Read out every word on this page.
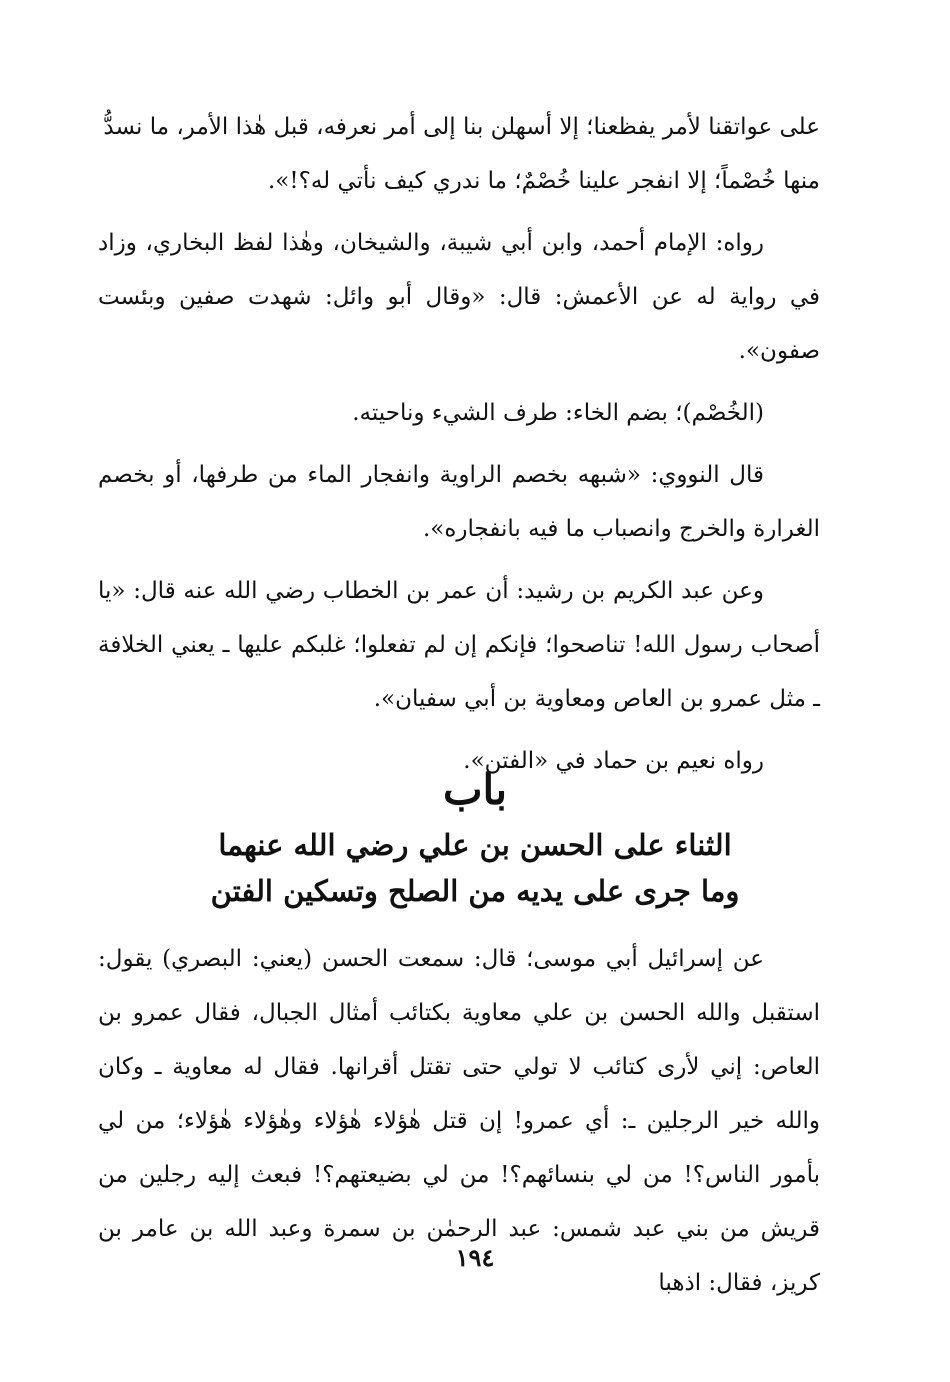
على عواتقنا لأمر يفظعنا؛ إلا أسهلن بنا إلى أمر نعرفه، قبل هٰذا الأمر، ما نسدُّ
منها خُصْماً؛ إلا انفجر علينا خُصْمٌ؛ ما ندري كيف نأتي له؟!».

رواه: الإمام أحمد، وابن أبي شيبة، والشيخان، وهٰذا لفظ البخاري، وزاد في رواية له عن الأعمش: قال: «وقال أبو وائل: شهدت صفين وبئست صفون».

(الخُصْم)؛ بضم الخاء: طرف الشيء وناحيته.

قال النووي: «شبهه بخصم الراوية وانفجار الماء من طرفها، أو بخصم الغرارة والخرج وانصباب ما فيه بانفجاره».

وعن عبد الكريم بن رشيد: أن عمر بن الخطاب رضي الله عنه قال: «يا أصحاب رسول الله! تناصحوا؛ فإنكم إن لم تفعلوا؛ غلبكم عليها ـ يعني الخلافة ـ مثل عمرو بن العاص ومعاوية بن أبي سفيان».

رواه نعيم بن حماد في «الفتن».

باب
الثناء على الحسن بن علي رضي الله عنهما
وما جرى على يديه من الصلح وتسكين الفتن

عن إسرائيل أبي موسى؛ قال: سمعت الحسن (يعني: البصري) يقول: استقبل والله الحسن بن علي معاوية بكتائب أمثال الجبال، فقال عمرو بن العاص: إني لأرى كتائب لا تولي حتى تقتل أقرانها. فقال له معاوية ـ وكان والله خير الرجلين ـ: أي عمرو! إن قتل هٰؤلاء هٰؤلاء وهٰؤلاء هٰؤلاء؛ من لي بأمور الناس؟! من لي بنسائهم؟! من لي بضيعتهم؟! فبعث إليه رجلين من قريش من بني عبد شمس: عبد الرحمٰن بن سمرة وعبد الله بن عامر بن كريز، فقال: اذهبا

١٩٤
